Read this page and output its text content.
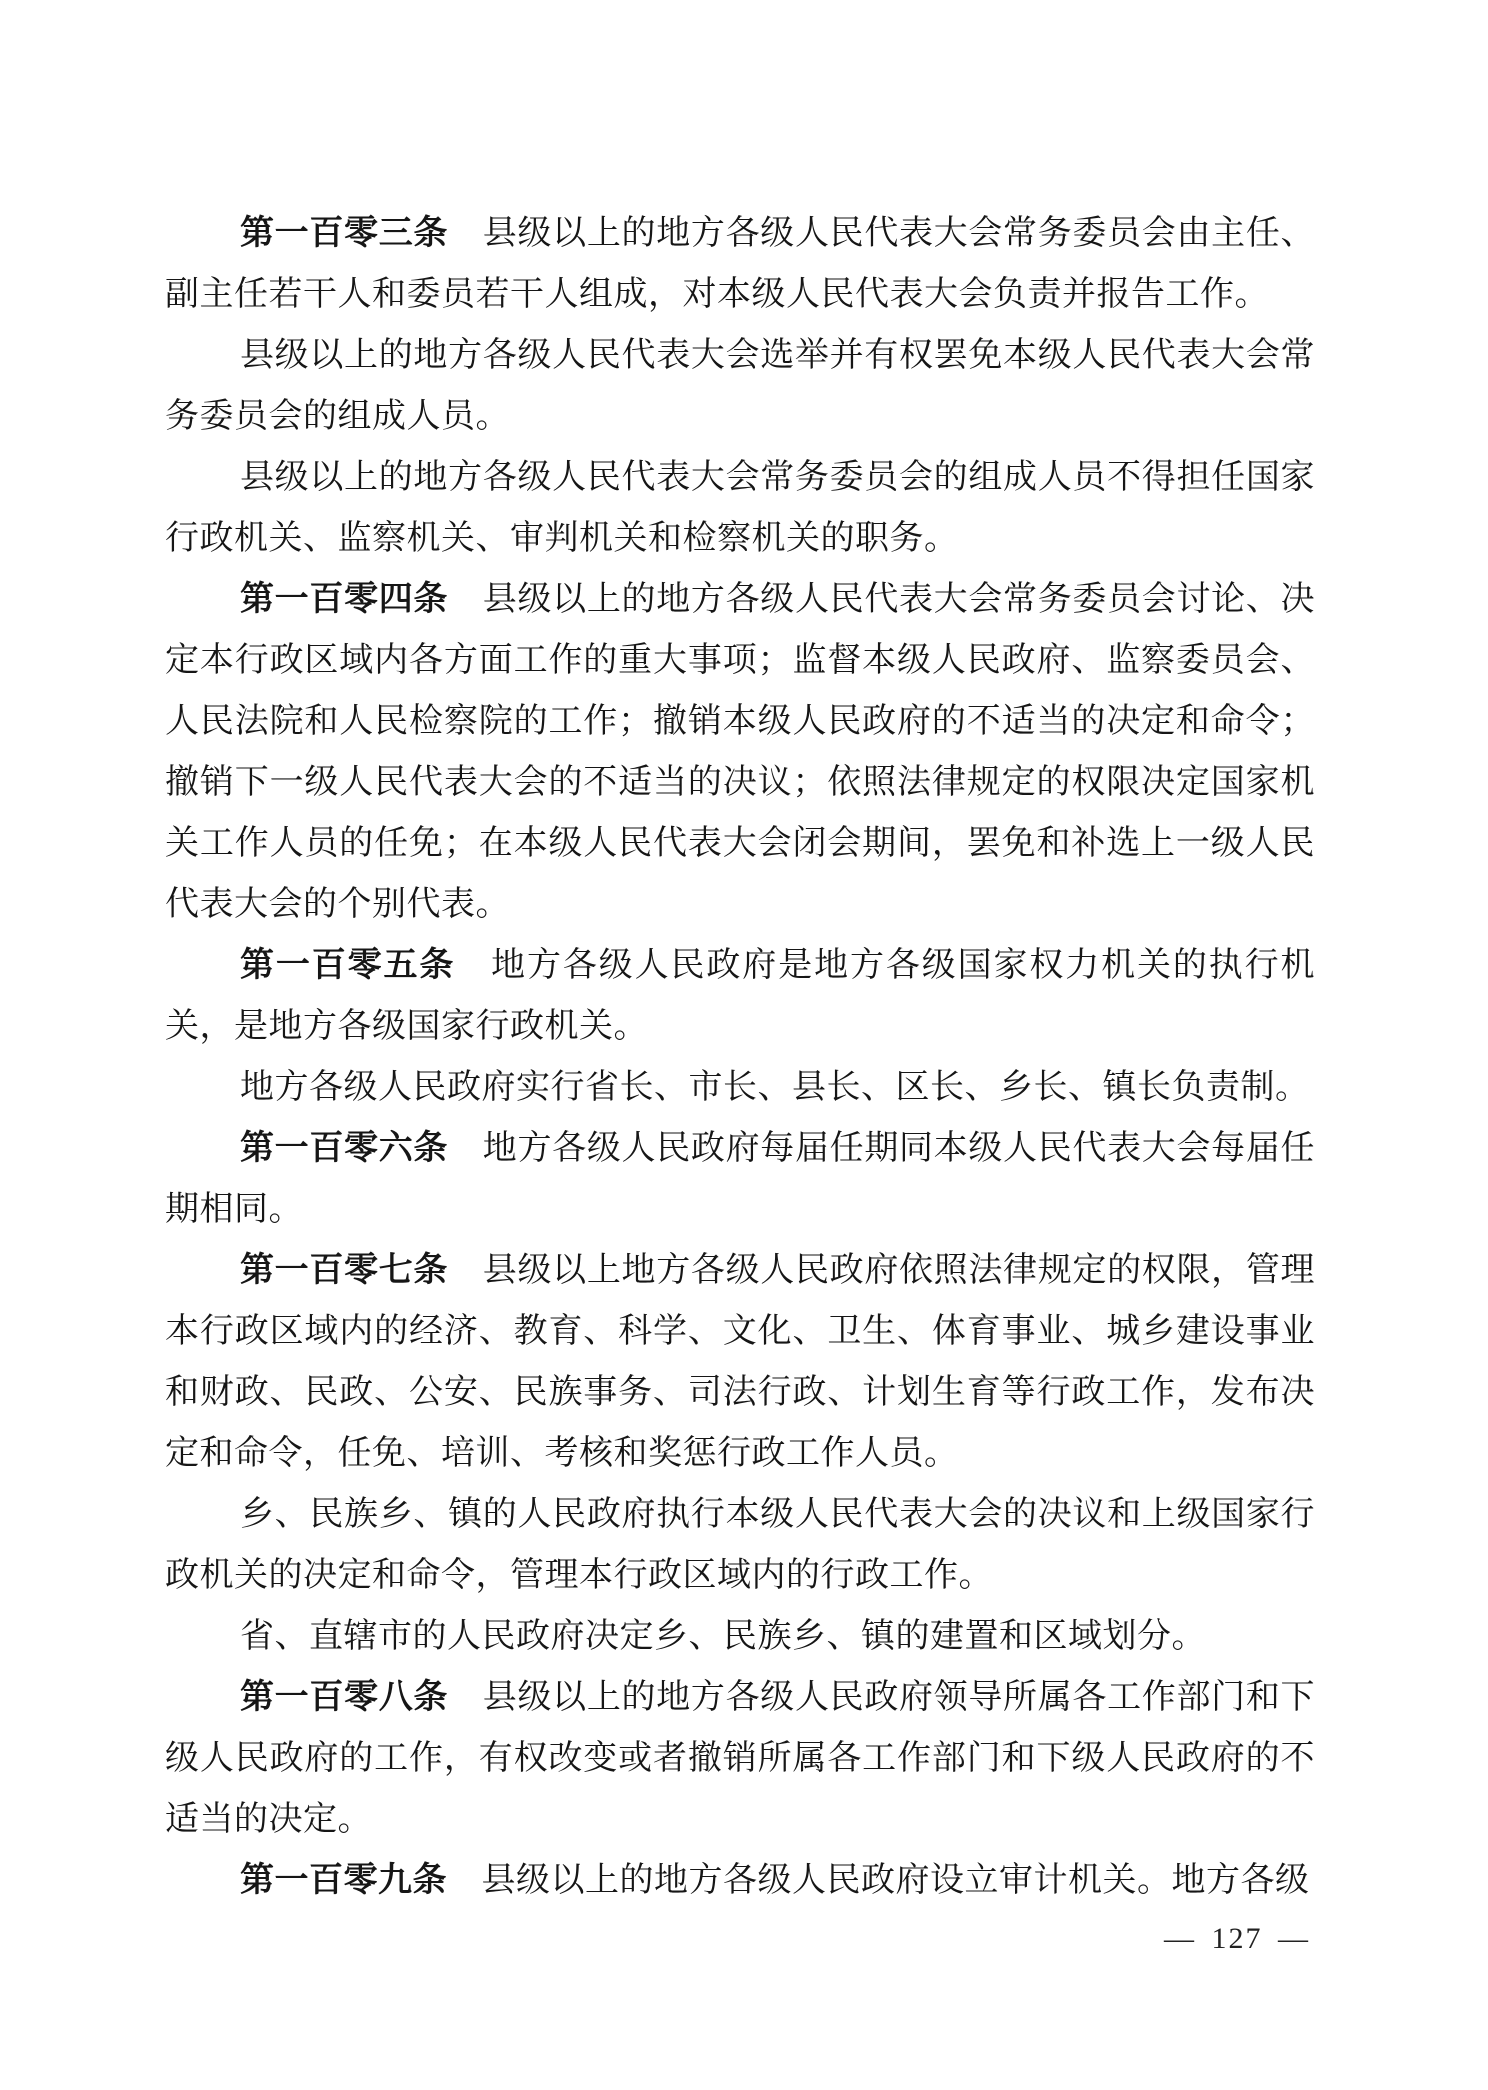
第一百零三条　县级以上的地方各级人民代表大会常务委员会由主任、副主任若干人和委员若干人组成，对本级人民代表大会负责并报告工作。

县级以上的地方各级人民代表大会选举并有权罢免本级人民代表大会常务委员会的组成人员。

县级以上的地方各级人民代表大会常务委员会的组成人员不得担任国家行政机关、监察机关、审判机关和检察机关的职务。

第一百零四条　县级以上的地方各级人民代表大会常务委员会讨论、决定本行政区域内各方面工作的重大事项；监督本级人民政府、监察委员会、人民法院和人民检察院的工作；撤销本级人民政府的不适当的决定和命令；撤销下一级人民代表大会的不适当的决议；依照法律规定的权限决定国家机关工作人员的任免；在本级人民代表大会闭会期间，罢免和补选上一级人民代表大会的个别代表。

第一百零五条　地方各级人民政府是地方各级国家权力机关的执行机关，是地方各级国家行政机关。

地方各级人民政府实行省长、市长、县长、区长、乡长、镇长负责制。

第一百零六条　地方各级人民政府每届任期同本级人民代表大会每届任期相同。

第一百零七条　县级以上地方各级人民政府依照法律规定的权限，管理本行政区域内的经济、教育、科学、文化、卫生、体育事业、城乡建设事业和财政、民政、公安、民族事务、司法行政、计划生育等行政工作，发布决定和命令，任免、培训、考核和奖惩行政工作人员。

乡、民族乡、镇的人民政府执行本级人民代表大会的决议和上级国家行政机关的决定和命令，管理本行政区域内的行政工作。

省、直辖市的人民政府决定乡、民族乡、镇的建置和区域划分。

第一百零八条　县级以上的地方各级人民政府领导所属各工作部门和下级人民政府的工作，有权改变或者撤销所属各工作部门和下级人民政府的不适当的决定。

第一百零九条　县级以上的地方各级人民政府设立审计机关。地方各级

— 127 —
